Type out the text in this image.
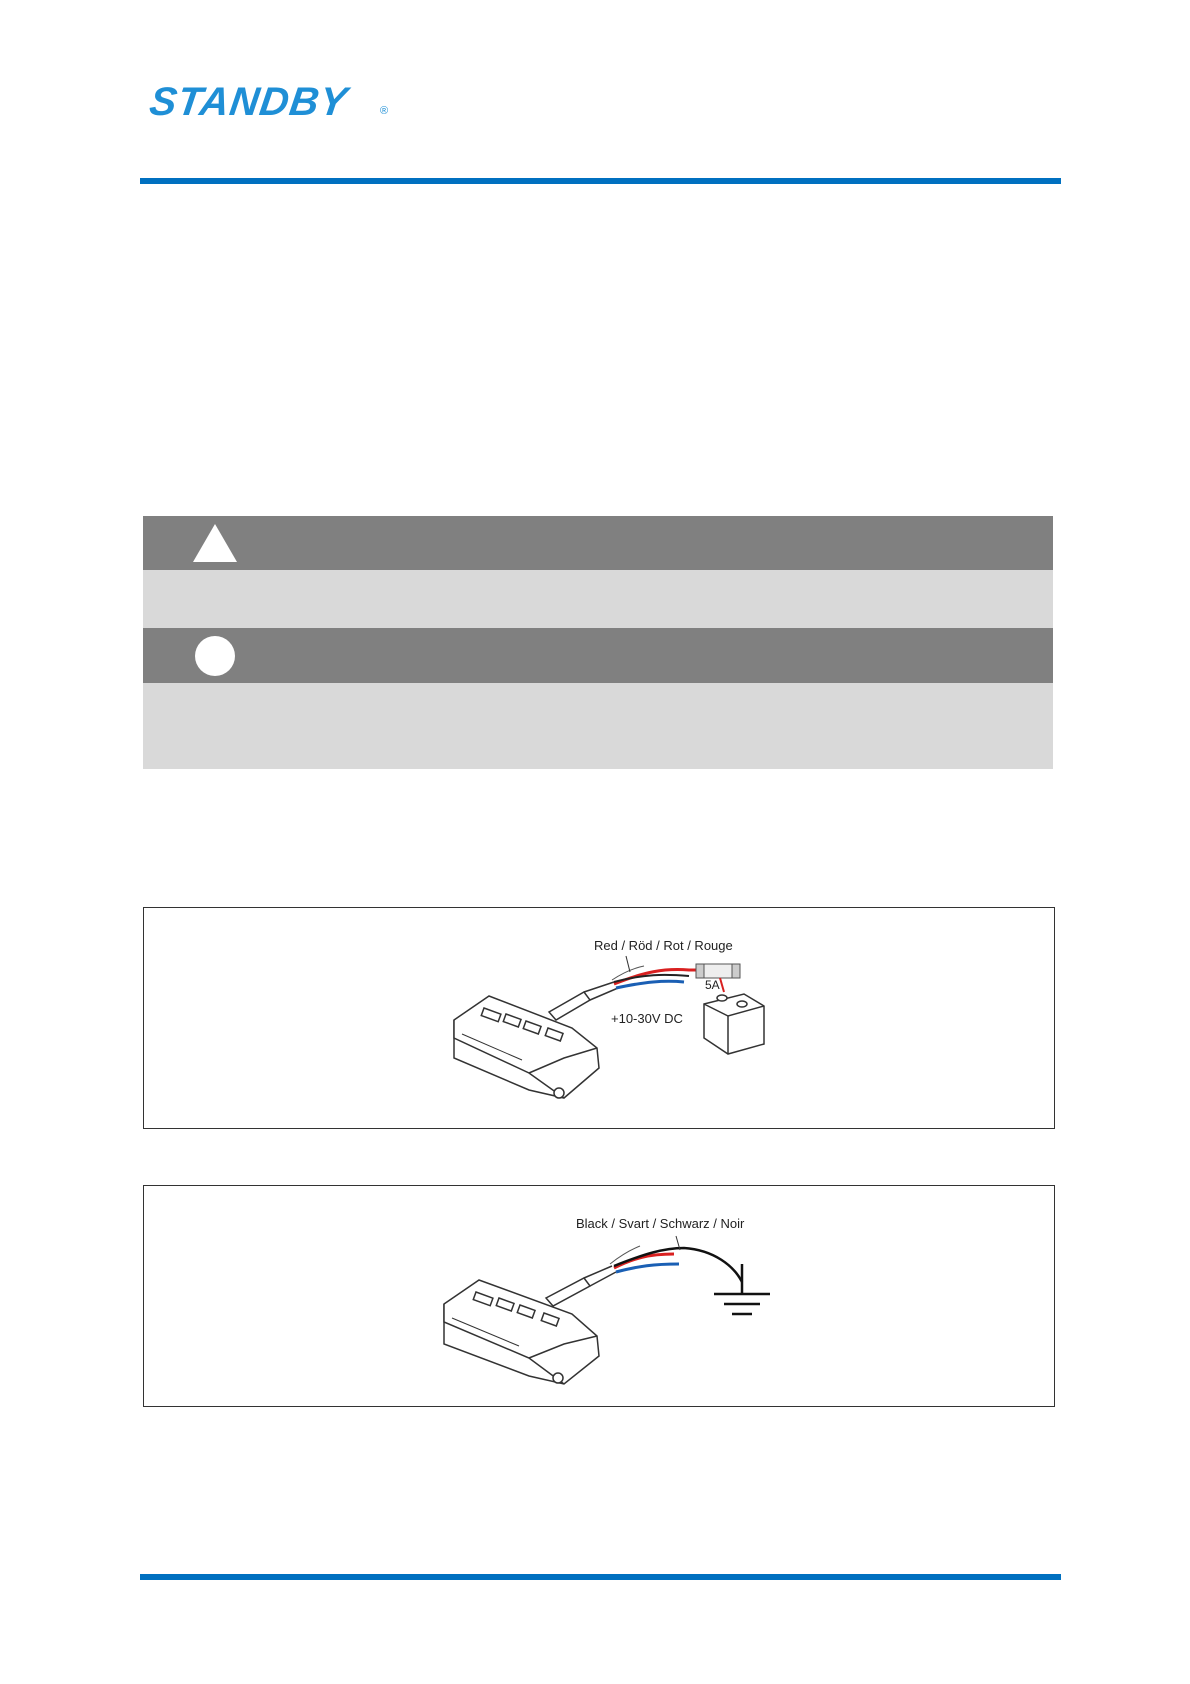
STANDBY	®
Red / Röd / Rot / Rouge
5A
+10-30V DC
Black / Svart / Schwarz / Noir
